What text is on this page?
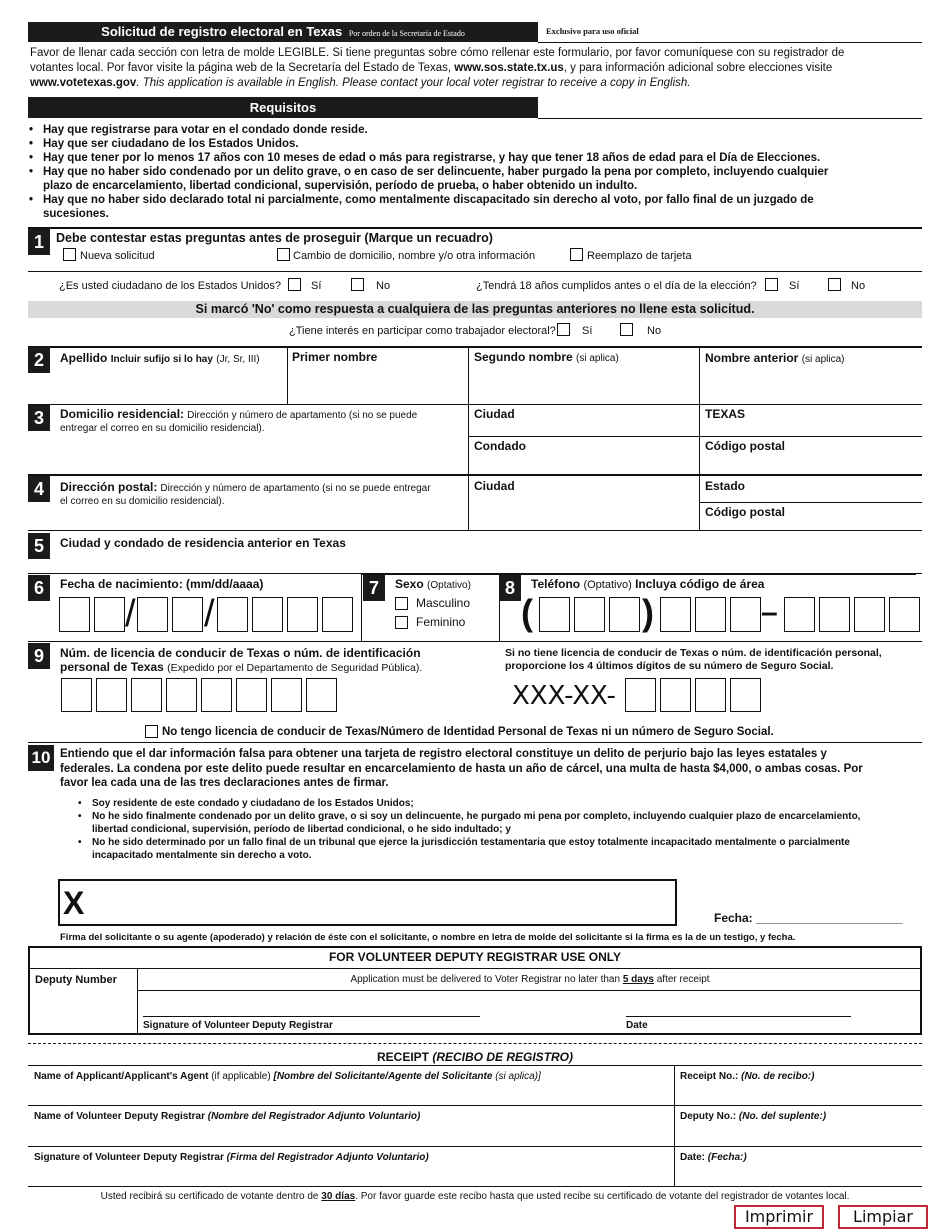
Solicitud de registro electoral en Texas Por orden de la Secretaría de Estado	Exclusivo para uso oficial
Favor de llenar cada sección con letra de molde LEGIBLE. Si tiene preguntas sobre cómo rellenar este formulario, por favor comuníquese con su registrador de
votantes local. Por favor visite la página web de la Secretaría del Estado de Texas, www.sos.state.tx.us, y para información adicional sobre elecciones visite
www.votetexas.gov. This application is available in English. Please contact your local voter registrar to receive a copy in English.
Requisitos
• Hay que registrarse para votar en el condado donde reside.
• Hay que ser ciudadano de los Estados Unidos.
• Hay que tener por lo menos 17 años con 10 meses de edad o más para registrarse, y hay que tener 18 años de edad para el Día de Elecciones.
• Hay que no haber sido condenado por un delito grave, o en caso de ser delincuente, haber purgado la pena por completo, incluyendo cualquier
plazo de encarcelamiento, libertad condicional, supervisión, período de prueba, o haber obtenido un indulto.
• Hay que no haber sido declarado total ni parcialmente, como mentalmente discapacitado sin derecho al voto, por fallo final de un juzgado de
sucesiones.
1 Debe contestar estas preguntas antes de proseguir (Marque un recuadro)
Nueva solicitud	Cambio de domicilio, nombre y/o otra información	Reemplazo de tarjeta
¿Es usted ciudadano de los Estados Unidos?	Sí	No	¿Tendrá 18 años cumplidos antes o el día de la elección?	Sí	No
Si marcó 'No' como respuesta a cualquiera de las preguntas anteriores no llene esta solicitud.
¿Tiene interés en participar como trabajador electoral? Sí	No
2	Apellido Incluir sufijo si lo hay (Jr, Sr, III)	Primer nombre	Segundo nombre (si aplica)	Nombre anterior (si aplica)
3	Domicilio residencial: Dirección y número de apartamento (si no se puede
entregar el correo en su domicilio residencial).
Ciudad	TEXAS
Condado	Código postal
4	Dirección postal: Dirección y número de apartamento (si no se puede entregar
el correo en su domicilio residencial).
Ciudad	Estado
Código postal
5	Ciudad y condado de residencia anterior en Texas
6	Fecha de nacimiento: (mm/dd/aaaa)
/ /
7	Sexo (Optativo)
Masculino
Feminino
8	Teléfono (Optativo) Incluya código de área
(	)	–
9	Núm. de licencia de conducir de Texas o núm. de identificación
personal de Texas (Expedido por el Departamento de Seguridad Pública).
Si no tiene licencia de conducir de Texas o núm. de identificación personal,
proporcione los 4 últimos dígitos de su número de Seguro Social.
XXX-XX-
No tengo licencia de conducir de Texas/Número de Identidad Personal de Texas ni un número de Seguro Social.
10 Entiendo que el dar información falsa para obtener una tarjeta de registro electoral constituye un delito de perjurio bajo las leyes estatales y
federales. La condena por este delito puede resultar en encarcelamiento de hasta un año de cárcel, una multa de hasta $4,000, o ambas cosas. Por
favor lea cada una de las tres declaraciones antes de firmar.
• Soy residente de este condado y ciudadano de los Estados Unidos;
• No he sido finalmente condenado por un delito grave, o si soy un delincuente, he purgado mi pena por completo, incluyendo cualquier plazo de encarcelamiento,
libertad condicional, supervisión, período de libertad condicional, o he sido indultado; y
• No he sido determinado por un fallo final de un tribunal que ejerce la jurisdicción testamentaria que estoy totalmente incapacitado mentalmente o parcialmente
incapacitado mentalmente sin derecho a voto.
X	Fecha: ______________________
Firma del solicitante o su agente (apoderado) y relación de éste con el solicitante, o nombre en letra de molde del solicitante si la firma es la de un testigo, y fecha.
FOR VOLUNTEER DEPUTY REGISTRAR USE ONLY
Deputy Number	Application must be delivered to Voter Registrar no later than 5 days after receipt
Signature of Volunteer Deputy Registrar	Date
RECEIPT (RECIBO DE REGISTRO)
Name of Applicant/Applicant's Agent (if applicable) [Nombre del Solicitante/Agente del Solicitante (si aplica)]	Receipt No.: (No. de recibo:)
Name of Volunteer Deputy Registrar (Nombre del Registrador Adjunto Voluntario)	Deputy No.: (No. del suplente:)
Signature of Volunteer Deputy Registrar (Firma del Registrador Adjunto Voluntario)	Date: (Fecha:)
Usted recibirá su certificado de votante dentro de 30 días. Por favor guarde este recibo hasta que usted recibe su certificado de votante del registrador de votantes local.
Imprimir	Limpiar
